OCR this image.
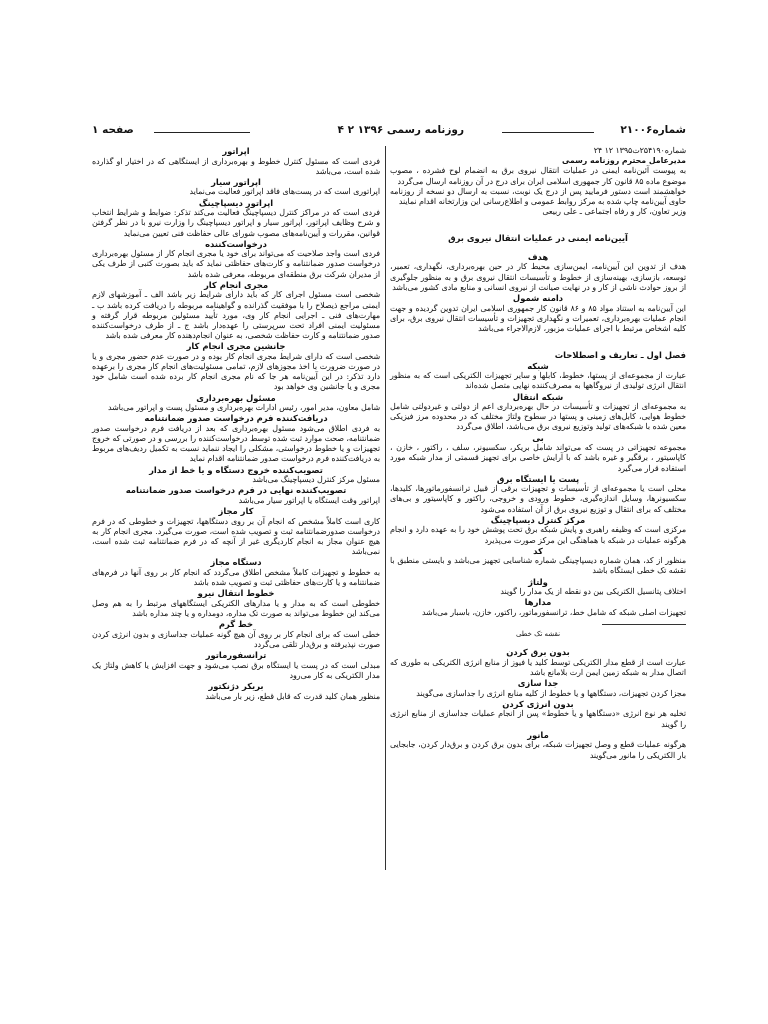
شماره۲۱۰۰۶
روزنامه رسمی ۱۳۹۶ ۲ ۴
صفحه ۱

شماره۲۵۴۱۹۰ت۱۳۹۵ ۱۲ ۲۴

مدیرعامل محترم روزنامه رسمی

به پیوست آئین‌نامه ایمنی در عملیات انتقال نیروی برق به انضمام لوح فشرده ، مصوب موضوع ماده ۸۵ قانون کار جمهوری اسلامی ایران برای درج در آن روزنامه ارسال می‌گردد

خواهشمند است دستور فرمایید پس از درج یک نوبت، نسبت به ارسال دو نسخه از روزنامه حاوی آیین‌نامه چاپ شده به مرکز روابط عمومی و اطلاع‌رسانی این وزارتخانه اقدام نمایند

وزیر تعاون، کار و رفاه اجتماعی ـ علی ربیعی

آیین‌نامه ایمنی در عملیات انتقال نیروی برق

هدف

هدف از تدوین این آیین‌نامه، ایمن‌سازی محیط کار در حین بهره‌برداری، نگهداری، تعمیر، توسعه، بازسازی، بهینه‌سازی از خطوط و تأسیسات انتقال نیروی برق و به منظور جلوگیری از بروز حوادث ناشی از کار و در نهایت صیانت از نیروی انسانی و منابع مادی کشور می‌باشد

دامنه شمول

این آیین‌نامه به استناد مواد ۸۵ و ۸۶ قانون کار جمهوری اسلامی ایران تدوین گردیده و جهت انجام عملیات بهره‌برداری، تعمیرات و نگهداری تجهیزات و تأسیسات انتقال نیروی برق، برای کلیه اشخاص مرتبط با اجرای عملیات مزبور، لازم‌الاجراء می‌باشد

فصل اول ـ تعاریف و اصطلاحات

شبکه

عبارت از مجموعه‌ای از پستها، خطوط، کابلها و سایر تجهیزات الکتریکی است که به منظور انتقال انرژی تولیدی از نیروگاهها به مصرف‌کننده نهایی متصل شده‌اند

شبکه انتقال

به مجموعه‌ای از تجهیزات و تأسیسات در حال بهره‌برداری اعم از دولتی و غیردولتی شامل خطوط هوایی، کابل‌های زمینی و پستها در سطوح ولتاژ مختلف که در محدوده مرز فیزیکی معین شده با شبکه‌های تولید وتوزیع نیروی برق می‌باشد، اطلاق می‌گردد

بی

مجموعه تجهیزاتی در پست که می‌تواند شامل بریکر، سکسیونر، سلف ، راکتور ، خازن ، کاپاسیتور ، برقگیر و غیره باشد که با آرایش خاصی برای تجهیز قسمتی از مدار شبکه مورد استفاده قرار می‌گیرد

پست یا ایستگاه برق

محلی است یا مجموعه‌ای از تأسیسات و تجهیزات برقی از قبیل ترانسفورماتورها، کلیدها، سکسیونرها، وسایل اندازه‌گیری، خطوط ورودی و خروجی، راکتور و کاپاسیتور و بی‌های مختلف که برای انتقال و توزیع نیروی برق از آن استفاده می‌شود

مرکز کنترل دیسپاچینگ

مرکزی است که وظیفه راهبری و پایش شبکه برق تحت پوشش خود را به عهده دارد و انجام هرگونه عملیات در شبکه با هماهنگی این مرکز صورت می‌پذیرد

کد

منظور از کد، همان شماره دیسپاچینگی شماره شناسایی تجهیز می‌باشد و بایستی منطبق با نقشه تک خطی ایستگاه باشد

ولتاژ

اختلاف پتانسیل الکتریکی بین دو نقطه از یک مدار را گویند

مدارها

تجهیزات اصلی شبکه که شامل خط، ترانسفورماتور، راکتور، خازن، باسبار می‌باشد

نقشه تک خطی

بدون برق کردن

عبارت است از قطع مدار الکتریکی توسط کلید یا فیوز از منابع انرژی الکتریکی به طوری که اتصال مدار به شبکه زمین ایمن ارت بلامانع باشد

جدا سازی

مجزا کردن تجهیزات، دستگاهها و یا خطوط از کلیه منابع انرژی را جداسازی می‌گویند

بدون انرژی کردن

تخلیه هر نوع انرژی «دستگاهها و یا خطوط» پس از انجام عملیات جداسازی از منابع انرژی را گویند

مانور

هرگونه عملیات قطع و وصل تجهیزات شبکه، برای بدون برق کردن و برق‌دار کردن، جابجایی بار الکتریکی را مانور می‌گویند

اپراتور

فردی است که مسئول کنترل خطوط و بهره‌برداری از ایستگاهی که در اختیار او گذارده شده است، می‌باشد

اپراتور سیار

اپراتوری است که در پست‌های فاقد اپراتور فعالیت می‌نماید

اپراتور دیسپاچینگ

فردی است که در مراکز کنترل دیسپاچینگ فعالیت می‌کند تذکر: ضوابط و شرایط انتخاب و شرح وظایف اپراتور، اپراتور سیار و اپراتور دیسپاچینگ را وزارت نیرو با در نظر گرفتن قوانین، مقررات و آیین‌نامه‌های مصوب شورای عالی حفاظت فنی تعیین می‌نماید

درخواست‌کننده

فردی است واجد صلاحیت که می‌تواند برای خود یا مجری انجام کار از مسئول بهره‌برداری درخواست صدور ضمانتنامه و کارت‌های حفاظتی نماید که باید بصورت کتبی از طرف یکی از مدیران شرکت برق منطقه‌ای مربوطه، معرفی شده باشد

مجری انجام کار

شخصی است مسئول اجرای کار که باید دارای شرایط زیر باشد الف ـ آموزشهای لازم ایمنی مراجع ذیصلاح را با موفقیت گذرانده و گواهینامه مربوطه را دریافت کرده باشد ب ـ مهارت‌های فنی ـ اجرایی انجام کار وی، مورد تأیید مسئولین مربوطه قرار گرفته و مسئولیت ایمنی افراد تحت سرپرستی را عهده‌دار باشد ج ـ از طرف درخواست‌کننده صدور ضمانتنامه و کارت حفاظت شخصی، به عنوان انجام‌دهنده کار معرفی شده باشد

جانشین مجری انجام کار

شخصی است که دارای شرایط مجری انجام کار بوده و در صورت عدم حضور مجری و یا در صورت ضرورت با اخذ مجوزهای لازم، تمامی مسئولیت‌های انجام کار مجری را برعهده دارد تذکر: در این آیین‌نامه هر جا که نام مجری انجام کار برده شده است شامل خود مجری و یا جانشین وی خواهد بود

مسئول بهره‌برداری

شامل معاون، مدیر امور، رئیس ادارات بهره‌برداری و مسئول پست و اپراتور می‌باشد

دریافت‌کننده فرم درخواست صدور ضمانتنامه

به فردی اطلاق می‌شود مسئول بهره‌برداری که بعد از دریافت فرم درخواست صدور ضمانتنامه، صحت موارد ثبت شده توسط درخواست‌کننده را بررسی و در صورتی که خروج تجهیزات و یا خطوط درخواستی، مشکلی را ایجاد ننماید نسبت به تکمیل ردیف‌های مربوط به دریافت‌کننده فرم درخواست صدور ضمانتنامه اقدام نماید

تصویب‌کننده خروج دستگاه و یا خط از مدار

مسئول مرکز کنترل دیسپاچینگ می‌باشد

تصویب‌کننده نهایی در فرم درخواست صدور ضمانتنامه

اپراتور وقت ایستگاه یا اپراتور سیار می‌باشد

کار مجاز

کاری است کاملاً مشخص که انجام آن بر روی دستگاهها، تجهیزات و خطوطی که در فرم درخواست صدورضمانتنامه ثبت و تصویب شده است، صورت می‌گیرد. مجری انجام کار به هیچ عنوان مجاز به انجام کاردیگری غیر از آنچه که در فرم ضمانتنامه ثبت شده است، نمی‌باشد

دستگاه مجاز

به خطوط و تجهیزات کاملاً مشخص اطلاق می‌گردد که انجام کار بر روی آنها در فرم‌های ضمانتنامه و یا کارت‌های حفاظتی ثبت و تصویب شده باشد

خطوط انتقال نیرو

خطوطی است که به مدار و یا مدارهای الکتریکی ایستگاههای مرتبط را به هم وصل می‌کند این خطوط می‌تواند به صورت تک مداره، دومداره و یا چند مداره باشد

خط گرم

خطی است که برای انجام کار بر روی آن هیچ گونه عملیات جداسازی و بدون انرژی کردن صورت نپذیرفته و برق‌دار تلقی می‌گردد

ترانسفورماتور

مبدلی است که در پست یا ایستگاه برق نصب می‌شود و جهت افزایش یا کاهش ولتاژ یک مدار الکتریکی به کار می‌رود

بریکر دژنکتور

منظور همان کلید قدرت که قابل قطع، زیر بار می‌باشد
